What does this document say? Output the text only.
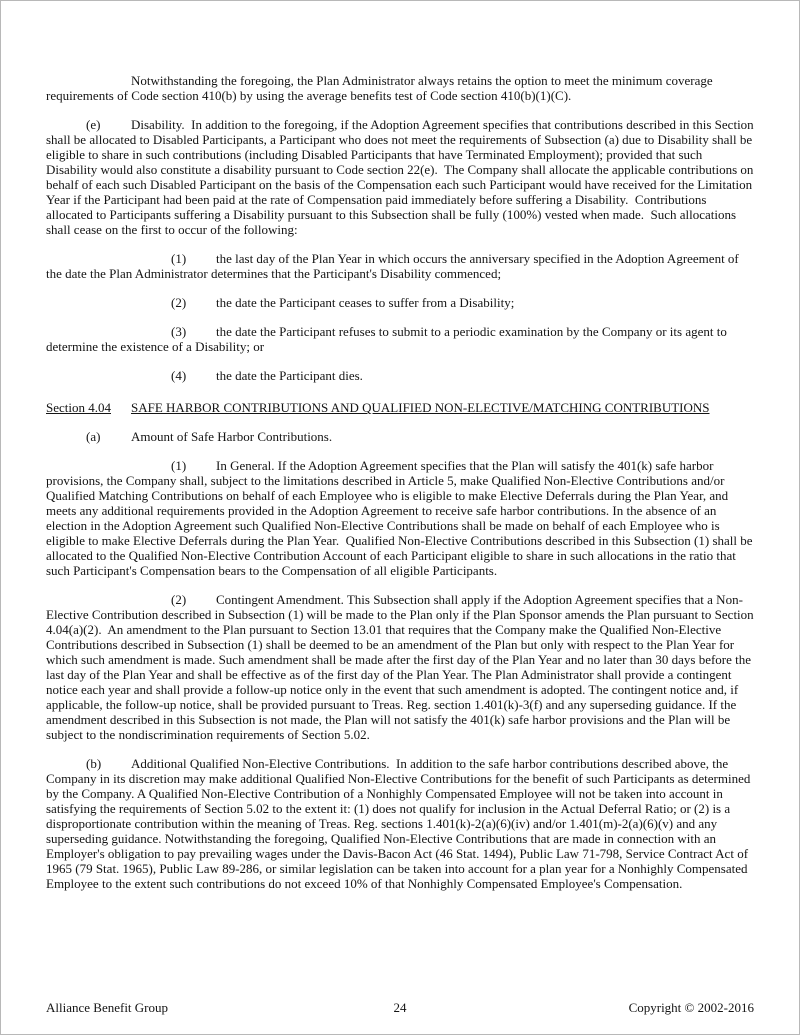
Notwithstanding the foregoing, the Plan Administrator always retains the option to meet the minimum coverage requirements of Code section 410(b) by using the average benefits test of Code section 410(b)(1)(C).

(e) Disability.  In addition to the foregoing, if the Adoption Agreement specifies that contributions described in this Section shall be allocated to Disabled Participants, a Participant who does not meet the requirements of Subsection (a) due to Disability shall be eligible to share in such contributions (including Disabled Participants that have Terminated Employment); provided that such Disability would also constitute a disability pursuant to Code section 22(e).  The Company shall allocate the applicable contributions on behalf of each such Disabled Participant on the basis of the Compensation each such Participant would have received for the Limitation Year if the Participant had been paid at the rate of Compensation paid immediately before suffering a Disability.  Contributions allocated to Participants suffering a Disability pursuant to this Subsection shall be fully (100%) vested when made.  Such allocations shall cease on the first to occur of the following:

(1) the last day of the Plan Year in which occurs the anniversary specified in the Adoption Agreement of the date the Plan Administrator determines that the Participant's Disability commenced;

(2) the date the Participant ceases to suffer from a Disability;

(3) the date the Participant refuses to submit to a periodic examination by the Company or its agent to determine the existence of a Disability; or

(4) the date the Participant dies.

Section 4.04 SAFE HARBOR CONTRIBUTIONS AND QUALIFIED NON-ELECTIVE/MATCHING CONTRIBUTIONS

(a) Amount of Safe Harbor Contributions.

(1) In General. If the Adoption Agreement specifies that the Plan will satisfy the 401(k) safe harbor provisions, the Company shall, subject to the limitations described in Article 5, make Qualified Non-Elective Contributions and/or Qualified Matching Contributions on behalf of each Employee who is eligible to make Elective Deferrals during the Plan Year, and meets any additional requirements provided in the Adoption Agreement to receive safe harbor contributions. In the absence of an election in the Adoption Agreement such Qualified Non-Elective Contributions shall be made on behalf of each Employee who is eligible to make Elective Deferrals during the Plan Year.  Qualified Non-Elective Contributions described in this Subsection (1) shall be allocated to the Qualified Non-Elective Contribution Account of each Participant eligible to share in such allocations in the ratio that such Participant's Compensation bears to the Compensation of all eligible Participants.

(2) Contingent Amendment. This Subsection shall apply if the Adoption Agreement specifies that a Non-Elective Contribution described in Subsection (1) will be made to the Plan only if the Plan Sponsor amends the Plan pursuant to Section 4.04(a)(2).  An amendment to the Plan pursuant to Section 13.01 that requires that the Company make the Qualified Non-Elective Contributions described in Subsection (1) shall be deemed to be an amendment of the Plan but only with respect to the Plan Year for which such amendment is made. Such amendment shall be made after the first day of the Plan Year and no later than 30 days before the last day of the Plan Year and shall be effective as of the first day of the Plan Year. The Plan Administrator shall provide a contingent notice each year and shall provide a follow-up notice only in the event that such amendment is adopted. The contingent notice and, if applicable, the follow-up notice, shall be provided pursuant to Treas. Reg. section 1.401(k)-3(f) and any superseding guidance. If the amendment described in this Subsection is not made, the Plan will not satisfy the 401(k) safe harbor provisions and the Plan will be subject to the nondiscrimination requirements of Section 5.02.

(b) Additional Qualified Non-Elective Contributions.  In addition to the safe harbor contributions described above, the Company in its discretion may make additional Qualified Non-Elective Contributions for the benefit of such Participants as determined by the Company. A Qualified Non-Elective Contribution of a Nonhighly Compensated Employee will not be taken into account in satisfying the requirements of Section 5.02 to the extent it: (1) does not qualify for inclusion in the Actual Deferral Ratio; or (2) is a disproportionate contribution within the meaning of Treas. Reg. sections 1.401(k)-2(a)(6)(iv) and/or 1.401(m)-2(a)(6)(v) and any superseding guidance. Notwithstanding the foregoing, Qualified Non-Elective Contributions that are made in connection with an Employer's obligation to pay prevailing wages under the Davis-Bacon Act (46 Stat. 1494), Public Law 71-798, Service Contract Act of 1965 (79 Stat. 1965), Public Law 89-286, or similar legislation can be taken into account for a plan year for a Nonhighly Compensated Employee to the extent such contributions do not exceed 10% of that Nonhighly Compensated Employee's Compensation.

Alliance Benefit Group	24	Copyright © 2002-2016
